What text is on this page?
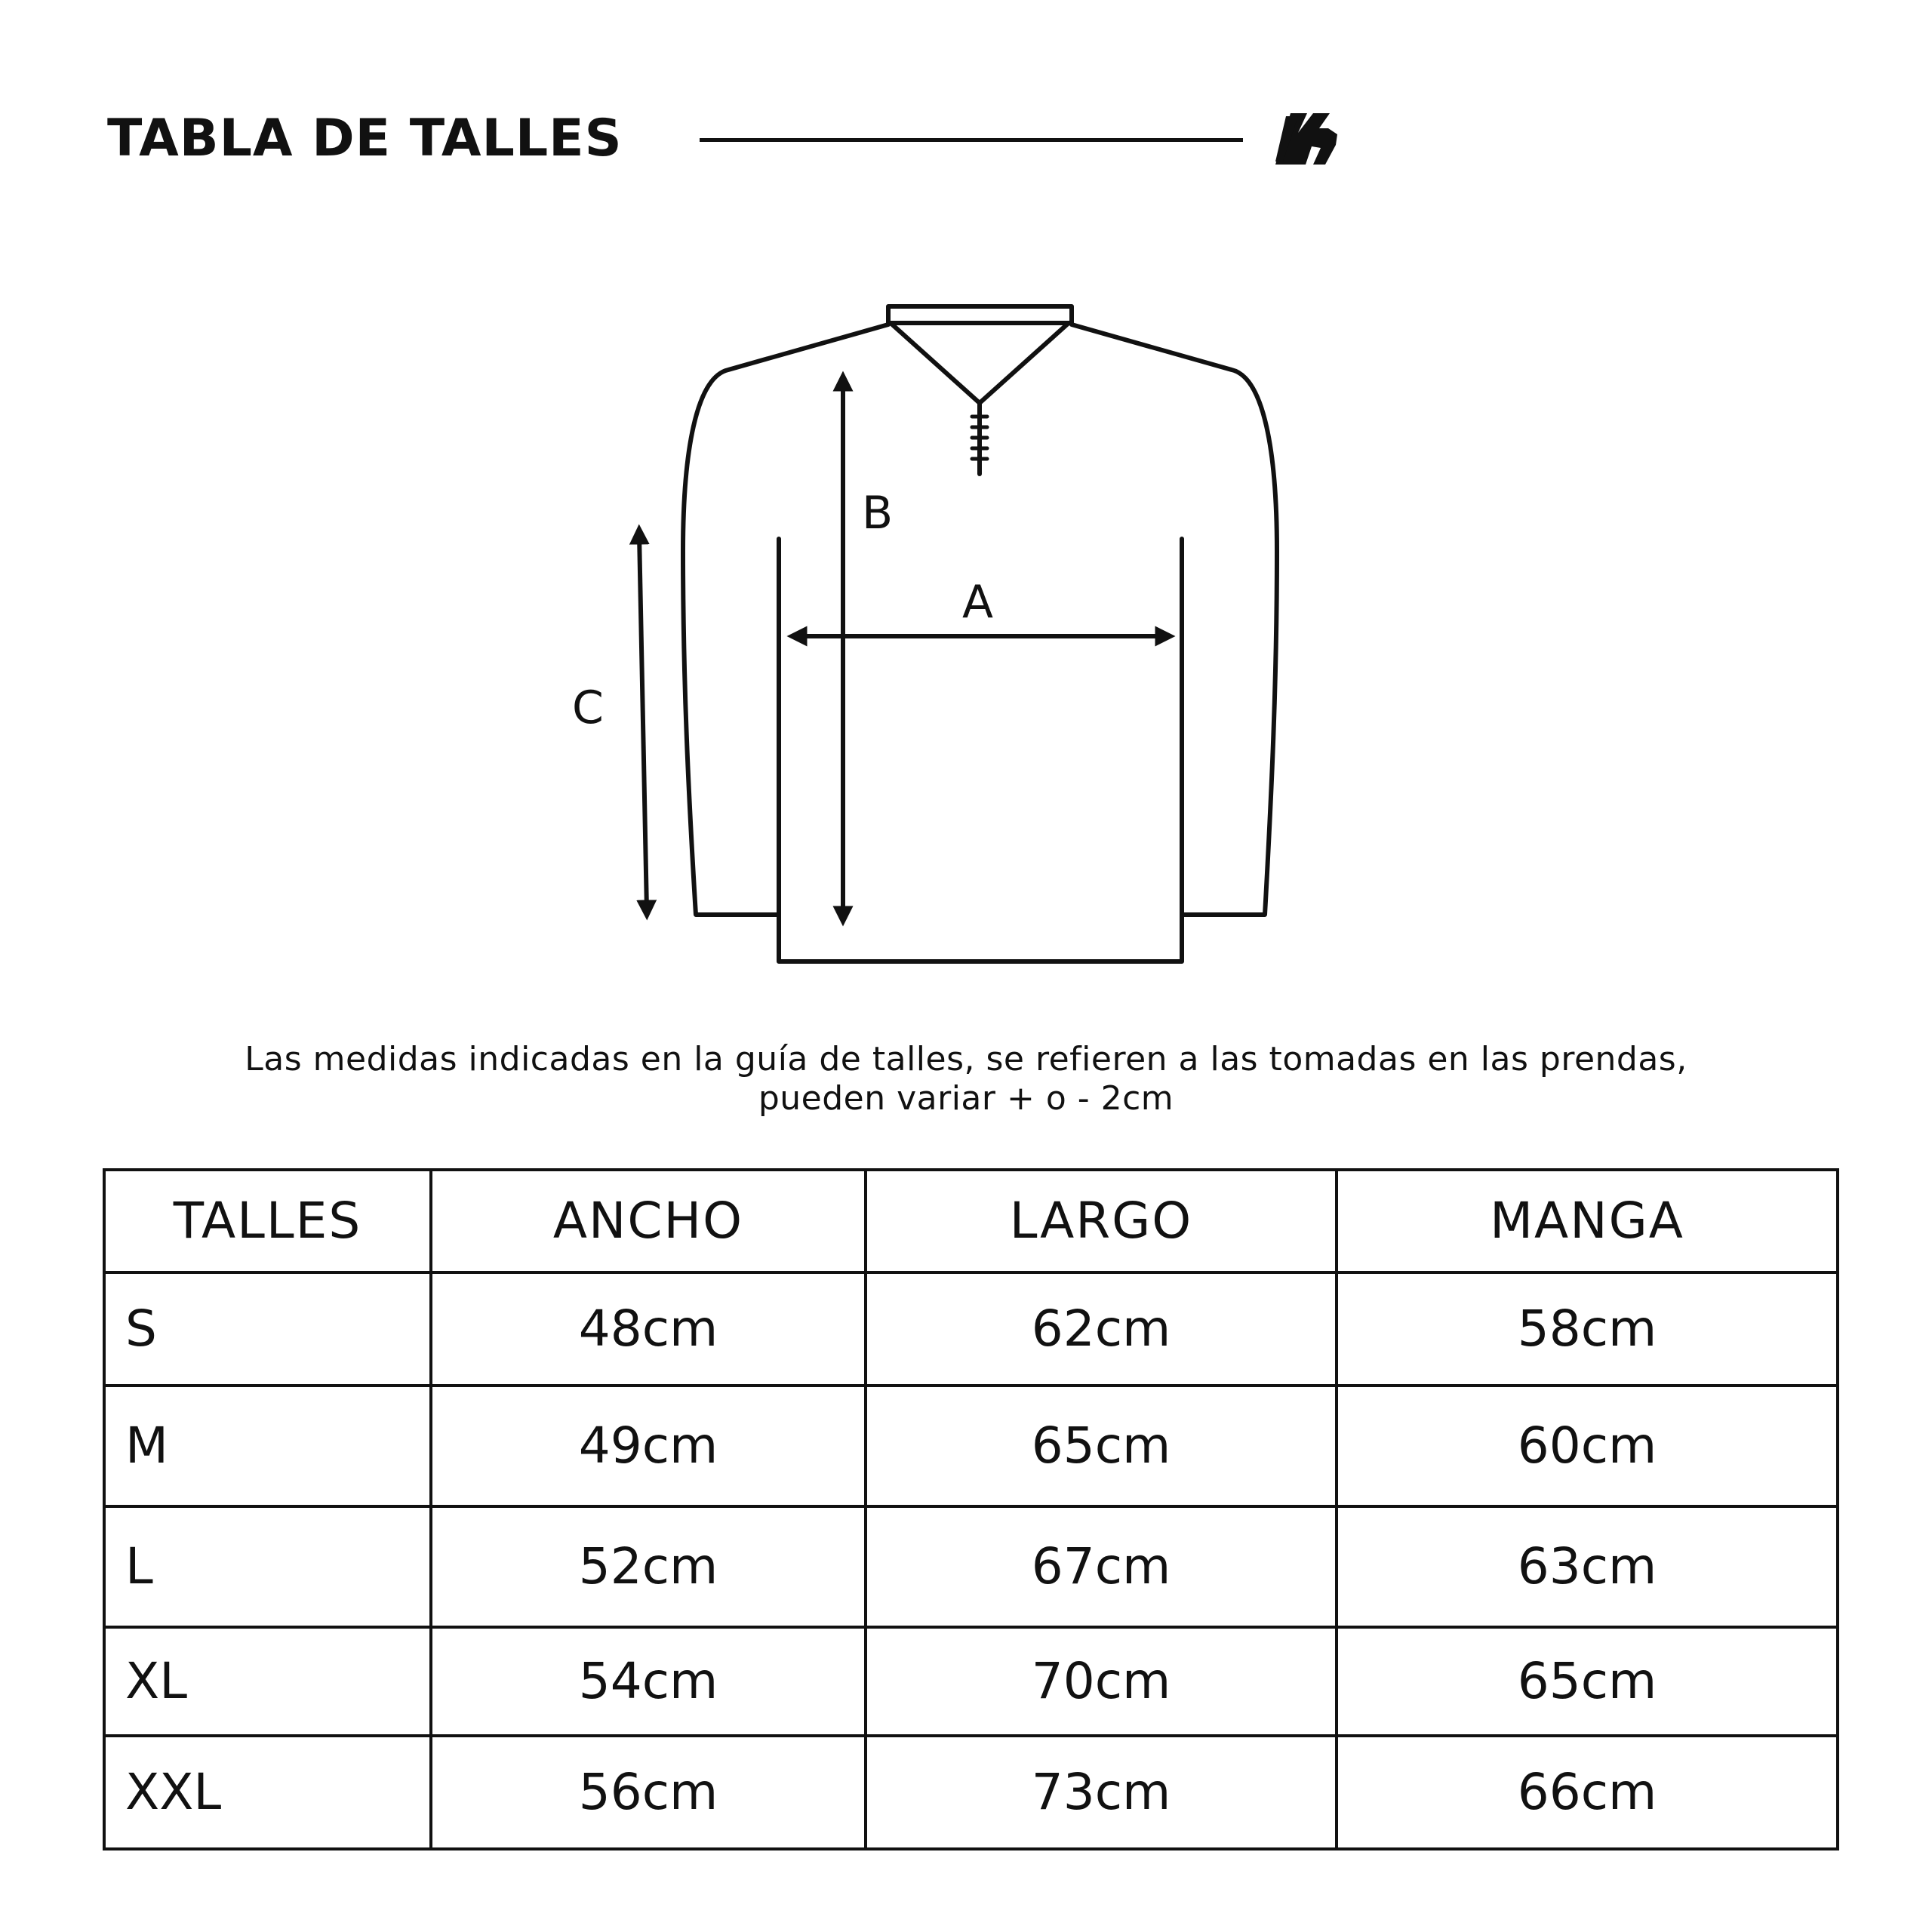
TABLA DE TALLES
A
B
C
Las medidas indicadas en la guía de talles, se refieren a las tomadas en las prendas,
pueden variar + o - 2cm
TALLES	ANCHO	LARGO	MANGA
S	48cm	62cm	58cm
M	49cm	65cm	60cm
L	52cm	67cm	63cm
XL	54cm	70cm	65cm
XXL	56cm	73cm	66cm
